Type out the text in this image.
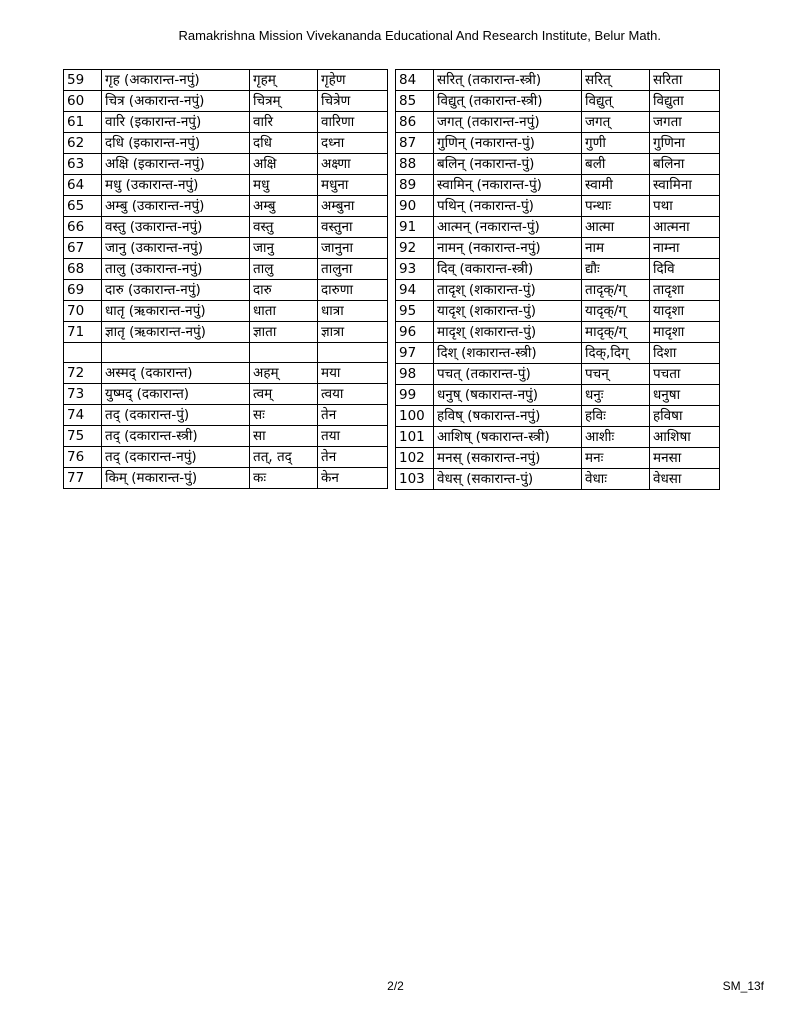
Ramakrishna Mission Vivekananda Educational And Research Institute, Belur Math.
59	गृह (अकारान्त-नपुं)	गृहम्	गृहेण
60	चित्र (अकारान्त-नपुं)	चित्रम्	चित्रेण
61	वारि (इकारान्त-नपुं)	वारि	वारिणा
62	दधि (इकारान्त-नपुं)	दधि	दध्ना
63	अक्षि (इकारान्त-नपुं)	अक्षि	अक्ष्णा
64	मधु (उकारान्त-नपुं)	मधु	मधुना
65	अम्बु (उकारान्त-नपुं)	अम्बु	अम्बुना
66	वस्तु (उकारान्त-नपुं)	वस्तु	वस्तुना
67	जानु (उकारान्त-नपुं)	जानु	जानुना
68	तालु (उकारान्त-नपुं)	तालु	तालुना
69	दारु (उकारान्त-नपुं)	दारु	दारुणा
70	धातृ (ऋकारान्त-नपुं)	धाता	धात्रा
71	ज्ञातृ (ऋकारान्त-नपुं)	ज्ञाता	ज्ञात्रा

72	अस्मद् (दकारान्त)	अहम्	मया
73	युष्मद् (दकारान्त)	त्वम्	त्वया
74	तद् (दकारान्त-पुं)	सः	तेन
75	तद् (दकारान्त-स्त्री)	सा	तया
76	तद् (दकारान्त-नपुं)	तत्, तद्	तेन
77	किम् (मकारान्त-पुं)	कः	केन
84	सरित् (तकारान्त-स्त्री)	सरित्	सरिता
85	विद्युत् (तकारान्त-स्त्री)	विद्युत्	विद्युता
86	जगत् (तकारान्त-नपुं)	जगत्	जगता
87	गुणिन् (नकारान्त-पुं)	गुणी	गुणिना
88	बलिन् (नकारान्त-पुं)	बली	बलिना
89	स्वामिन् (नकारान्त-पुं)	स्वामी	स्वामिना
90	पथिन् (नकारान्त-पुं)	पन्थाः	पथा
91	आत्मन् (नकारान्त-पुं)	आत्मा	आत्मना
92	नामन् (नकारान्त-नपुं)	नाम	नाम्ना
93	दिव् (वकारान्त-स्त्री)	द्यौः	दिवि
94	तादृश् (शकारान्त-पुं)	तादृक्/ग्	तादृशा
95	यादृश् (शकारान्त-पुं)	यादृक्/ग्	यादृशा
96	मादृश् (शकारान्त-पुं)	मादृक्/ग्	मादृशा
97	दिश् (शकारान्त-स्त्री)	दिक्,दिग्	दिशा
98	पचत् (तकारान्त-पुं)	पचन्	पचता
99	धनुष् (षकारान्त-नपुं)	धनुः	धनुषा
100	हविष् (षकारान्त-नपुं)	हविः	हविषा
101	आशिष् (षकारान्त-स्त्री)	आशीः	आशिषा
102	मनस् (सकारान्त-नपुं)	मनः	मनसा
103	वेधस् (सकारान्त-पुं)	वेधाः	वेधसा
2/2	SM_13f
